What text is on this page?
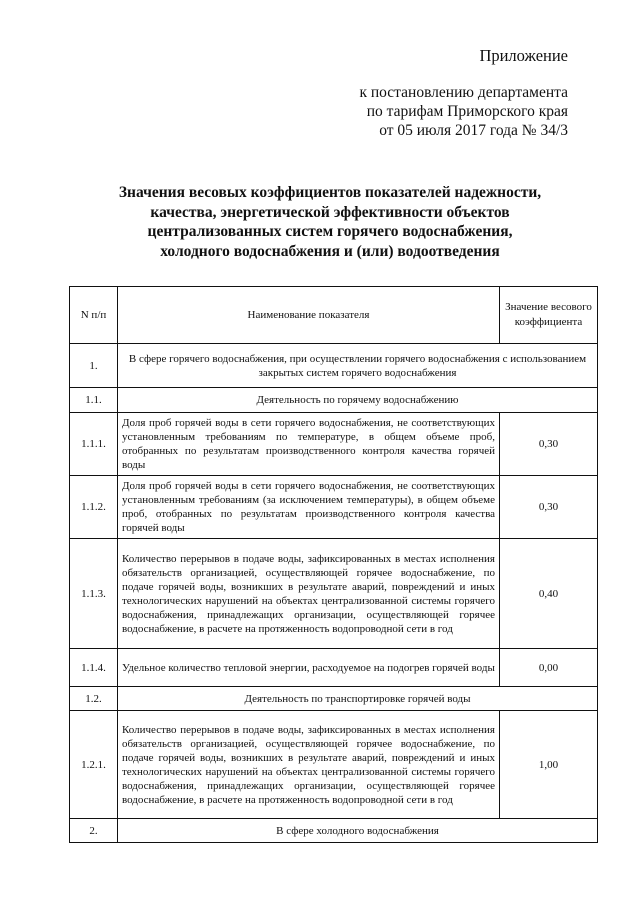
Приложение
к постановлению департамента
по тарифам Приморского края
от 05 июля 2017 года № 34/3
Значения весовых коэффициентов показателей надежности,
качества, энергетической эффективности объектов
централизованных систем горячего водоснабжения,
холодного водоснабжения и (или) водоотведения
N п/п	Наименование показателя	Значение весового коэффициента
1.	В сфере горячего водоснабжения, при осуществлении горячего водоснабжения с использованием закрытых систем горячего водоснабжения	
1.1.	Деятельность по горячему водоснабжению	
1.1.1.	Доля проб горячей воды в сети горячего водоснабжения, не соответствующих установленным требованиям по температуре, в общем объеме проб, отобранных по результатам производственного контроля качества горячей воды	0,30
1.1.2.	Доля проб горячей воды в сети горячего водоснабжения, не соответствующих установленным требованиям (за исключением температуры), в общем объеме проб, отобранных по результатам производственного контроля качества горячей воды	0,30
1.1.3.	Количество перерывов в подаче воды, зафиксированных в местах исполнения обязательств организацией, осуществляющей горячее водоснабжение, по подаче горячей воды, возникших в результате аварий, повреждений и иных технологических нарушений на объектах централизованной системы горячего водоснабжения, принадлежащих организации, осуществляющей горячее водоснабжение, в расчете на протяженность водопроводной сети в год	0,40
1.1.4.	Удельное количество тепловой энергии, расходуемое на подогрев горячей воды	0,00
1.2.	Деятельность по транспортировке горячей воды	
1.2.1.	Количество перерывов в подаче воды, зафиксированных в местах исполнения обязательств организацией, осуществляющей горячее водоснабжение, по подаче горячей воды, возникших в результате аварий, повреждений и иных технологических нарушений на объектах централизованной системы горячего водоснабжения, принадлежащих организации, осуществляющей горячее водоснабжение, в расчете на протяженность водопроводной сети в год	1,00
2.	В сфере холодного водоснабжения	
